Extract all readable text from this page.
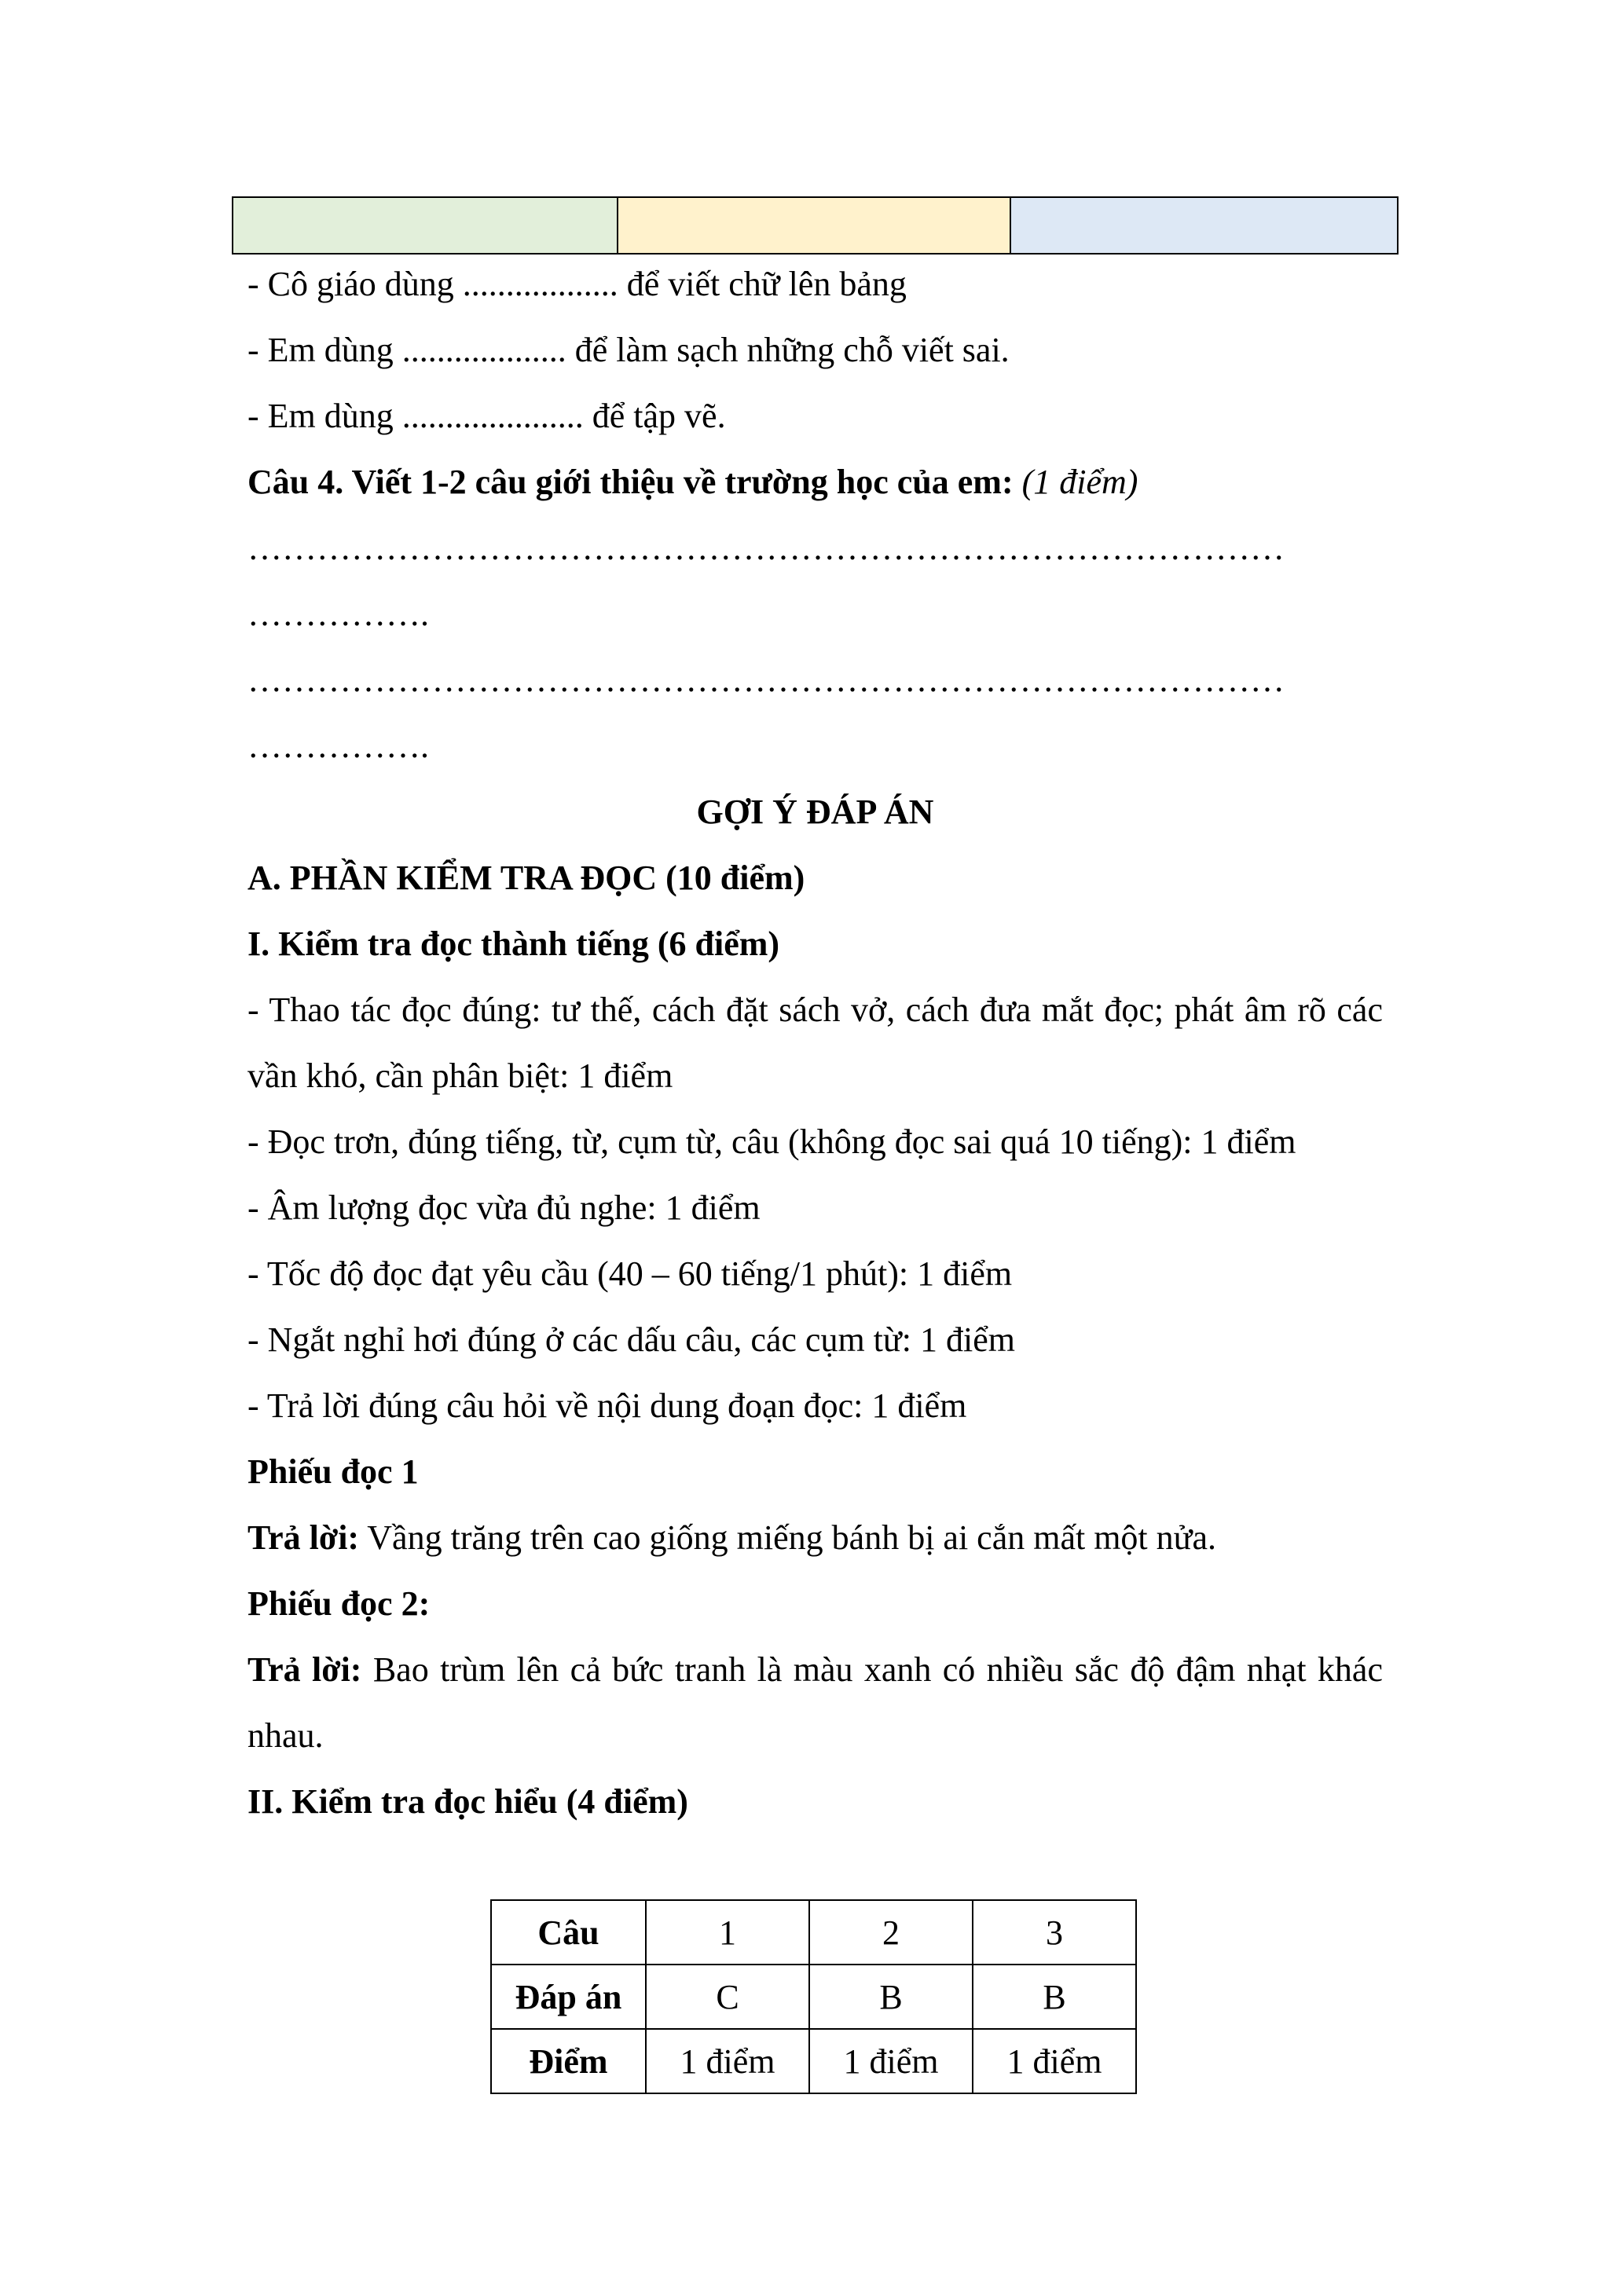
- Cô giáo dùng .................. để viết chữ lên bảng

- Em dùng ................... để làm sạch những chỗ viết sai.

- Em dùng ..................... để tập vẽ.

Câu 4. Viết 1-2 câu giới thiệu về trường học của em: (1 điểm)

………………………………………………………………………………

…………….

………………………………………………………………………………

…………….

GỢI Ý ĐÁP ÁN

A. PHẦN KIỂM TRA ĐỌC (10 điểm)

I. Kiểm tra đọc thành tiếng (6 điểm)

- Thao tác đọc đúng: tư thế, cách đặt sách vở, cách đưa mắt đọc; phát âm rõ các vần khó, cần phân biệt: 1 điểm

- Đọc trơn, đúng tiếng, từ, cụm từ, câu (không đọc sai quá 10 tiếng): 1 điểm

- Âm lượng đọc vừa đủ nghe: 1 điểm

- Tốc độ đọc đạt yêu cầu (40 – 60 tiếng/1 phút): 1 điểm

- Ngắt nghỉ hơi đúng ở các dấu câu, các cụm từ: 1 điểm

- Trả lời đúng câu hỏi về nội dung đoạn đọc: 1 điểm

Phiếu đọc 1

Trả lời: Vầng trăng trên cao giống miếng bánh bị ai cắn mất một nửa.

Phiếu đọc 2:

Trả lời: Bao trùm lên cả bức tranh là màu xanh có nhiều sắc độ đậm nhạt khác nhau.

II. Kiểm tra đọc hiểu (4 điểm)

Câu	1	2	3
Đáp án	C	B	B
Điểm	1 điểm	1 điểm	1 điểm
